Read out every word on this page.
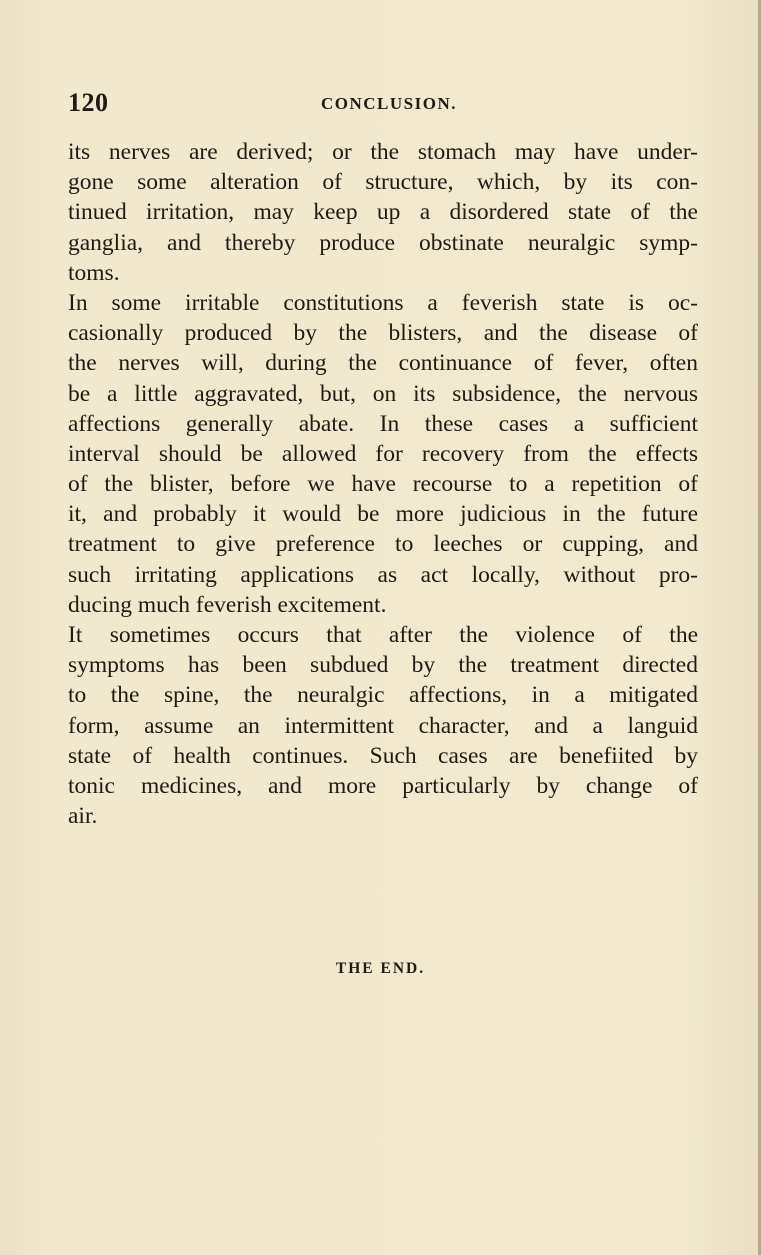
120	CONCLUSION.
its nerves are derived; or the stomach may have under-
gone some alteration of structure, which, by its con-
tinued irritation, may keep up a disordered state of the
ganglia, and thereby produce obstinate neuralgic symp-
toms.
In some irritable constitutions a feverish state is oc-
casionally produced by the blisters, and the disease of
the nerves will, during the continuance of fever, often
be a little aggravated, but, on its subsidence, the nervous
affections generally abate. In these cases a sufficient
interval should be allowed for recovery from the effects
of the blister, before we have recourse to a repetition of
it, and probably it would be more judicious in the future
treatment to give preference to leeches or cupping, and
such irritating applications as act locally, without pro-
ducing much feverish excitement.
It sometimes occurs that after the violence of the
symptoms has been subdued by the treatment directed
to the spine, the neuralgic affections, in a mitigated
form, assume an intermittent character, and a languid
state of health continues. Such cases are benefiited by
tonic medicines, and more particularly by change of
air.
THE END.
